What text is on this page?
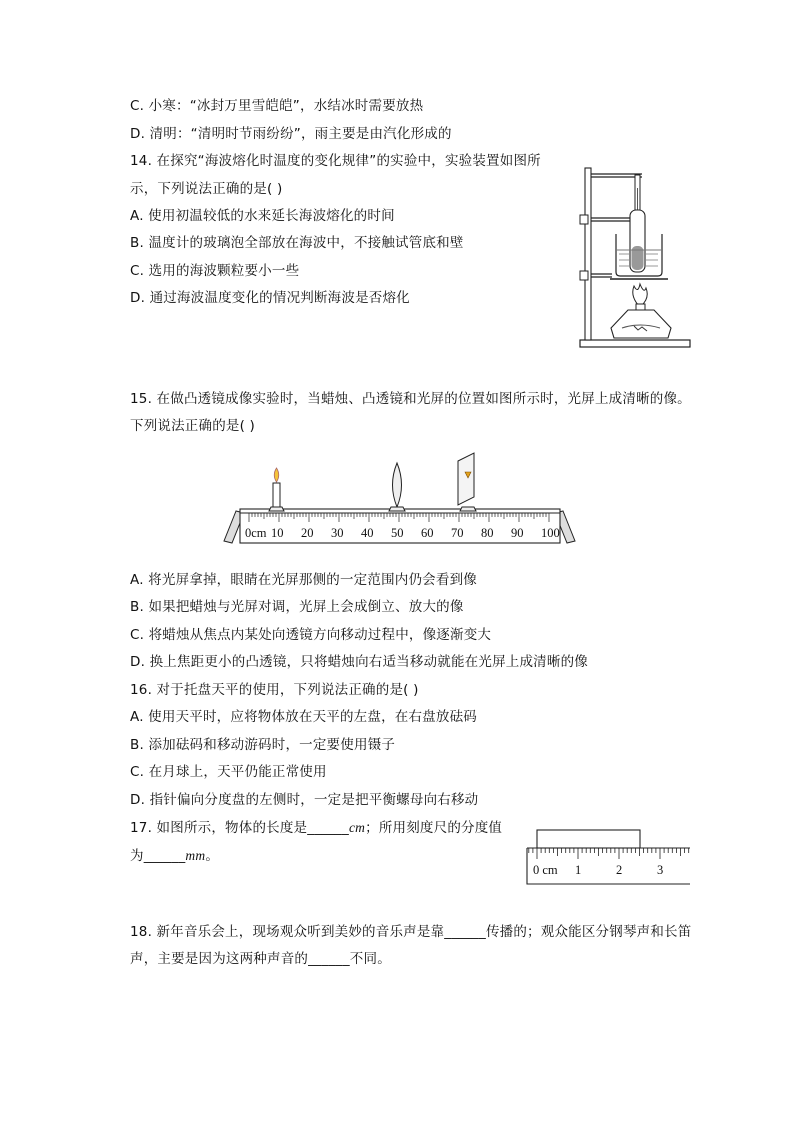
C. 小寒：“冰封万里雪皑皑”，水结冰时需要放热
D. 清明：“清明时节雨纷纷”，雨主要是由汽化形成的
14. 在探究“海波熔化时温度的变化规律”的实验中，实验装置如图所
示，下列说法正确的是( )
A. 使用初温较低的水来延长海波熔化的时间
B. 温度计的玻璃泡全部放在海波中，不接触试管底和壁
C. 选用的海波颗粒要小一些
D. 通过海波温度变化的情况判断海波是否熔化
15. 在做凸透镜成像实验时，当蜡烛、凸透镜和光屏的位置如图所示时，光屏上成清晰的像。
下列说法正确的是( )
0cm 10 20 30 40 50 60 70 80 90 100
A. 将光屏拿掉，眼睛在光屏那侧的一定范围内仍会看到像
B. 如果把蜡烛与光屏对调，光屏上会成倒立、放大的像
C. 将蜡烛从焦点内某处向透镜方向移动过程中，像逐渐变大
D. 换上焦距更小的凸透镜，只将蜡烛向右适当移动就能在光屏上成清晰的像
16. 对于托盘天平的使用，下列说法正确的是( )
A. 使用天平时，应将物体放在天平的左盘，在右盘放砝码
B. 添加砝码和移动游码时，一定要使用镊子
C. 在月球上，天平仍能正常使用
D. 指针偏向分度盘的左侧时，一定是把平衡螺母向右移动
17. 如图所示，物体的长度是______cm；所用刻度尺的分度值
为______mm。
0 cm 1	2	3
18. 新年音乐会上，现场观众听到美妙的音乐声是靠______传播的；观众能区分钢琴声和长笛
声，主要是因为这两种声音的______不同。
